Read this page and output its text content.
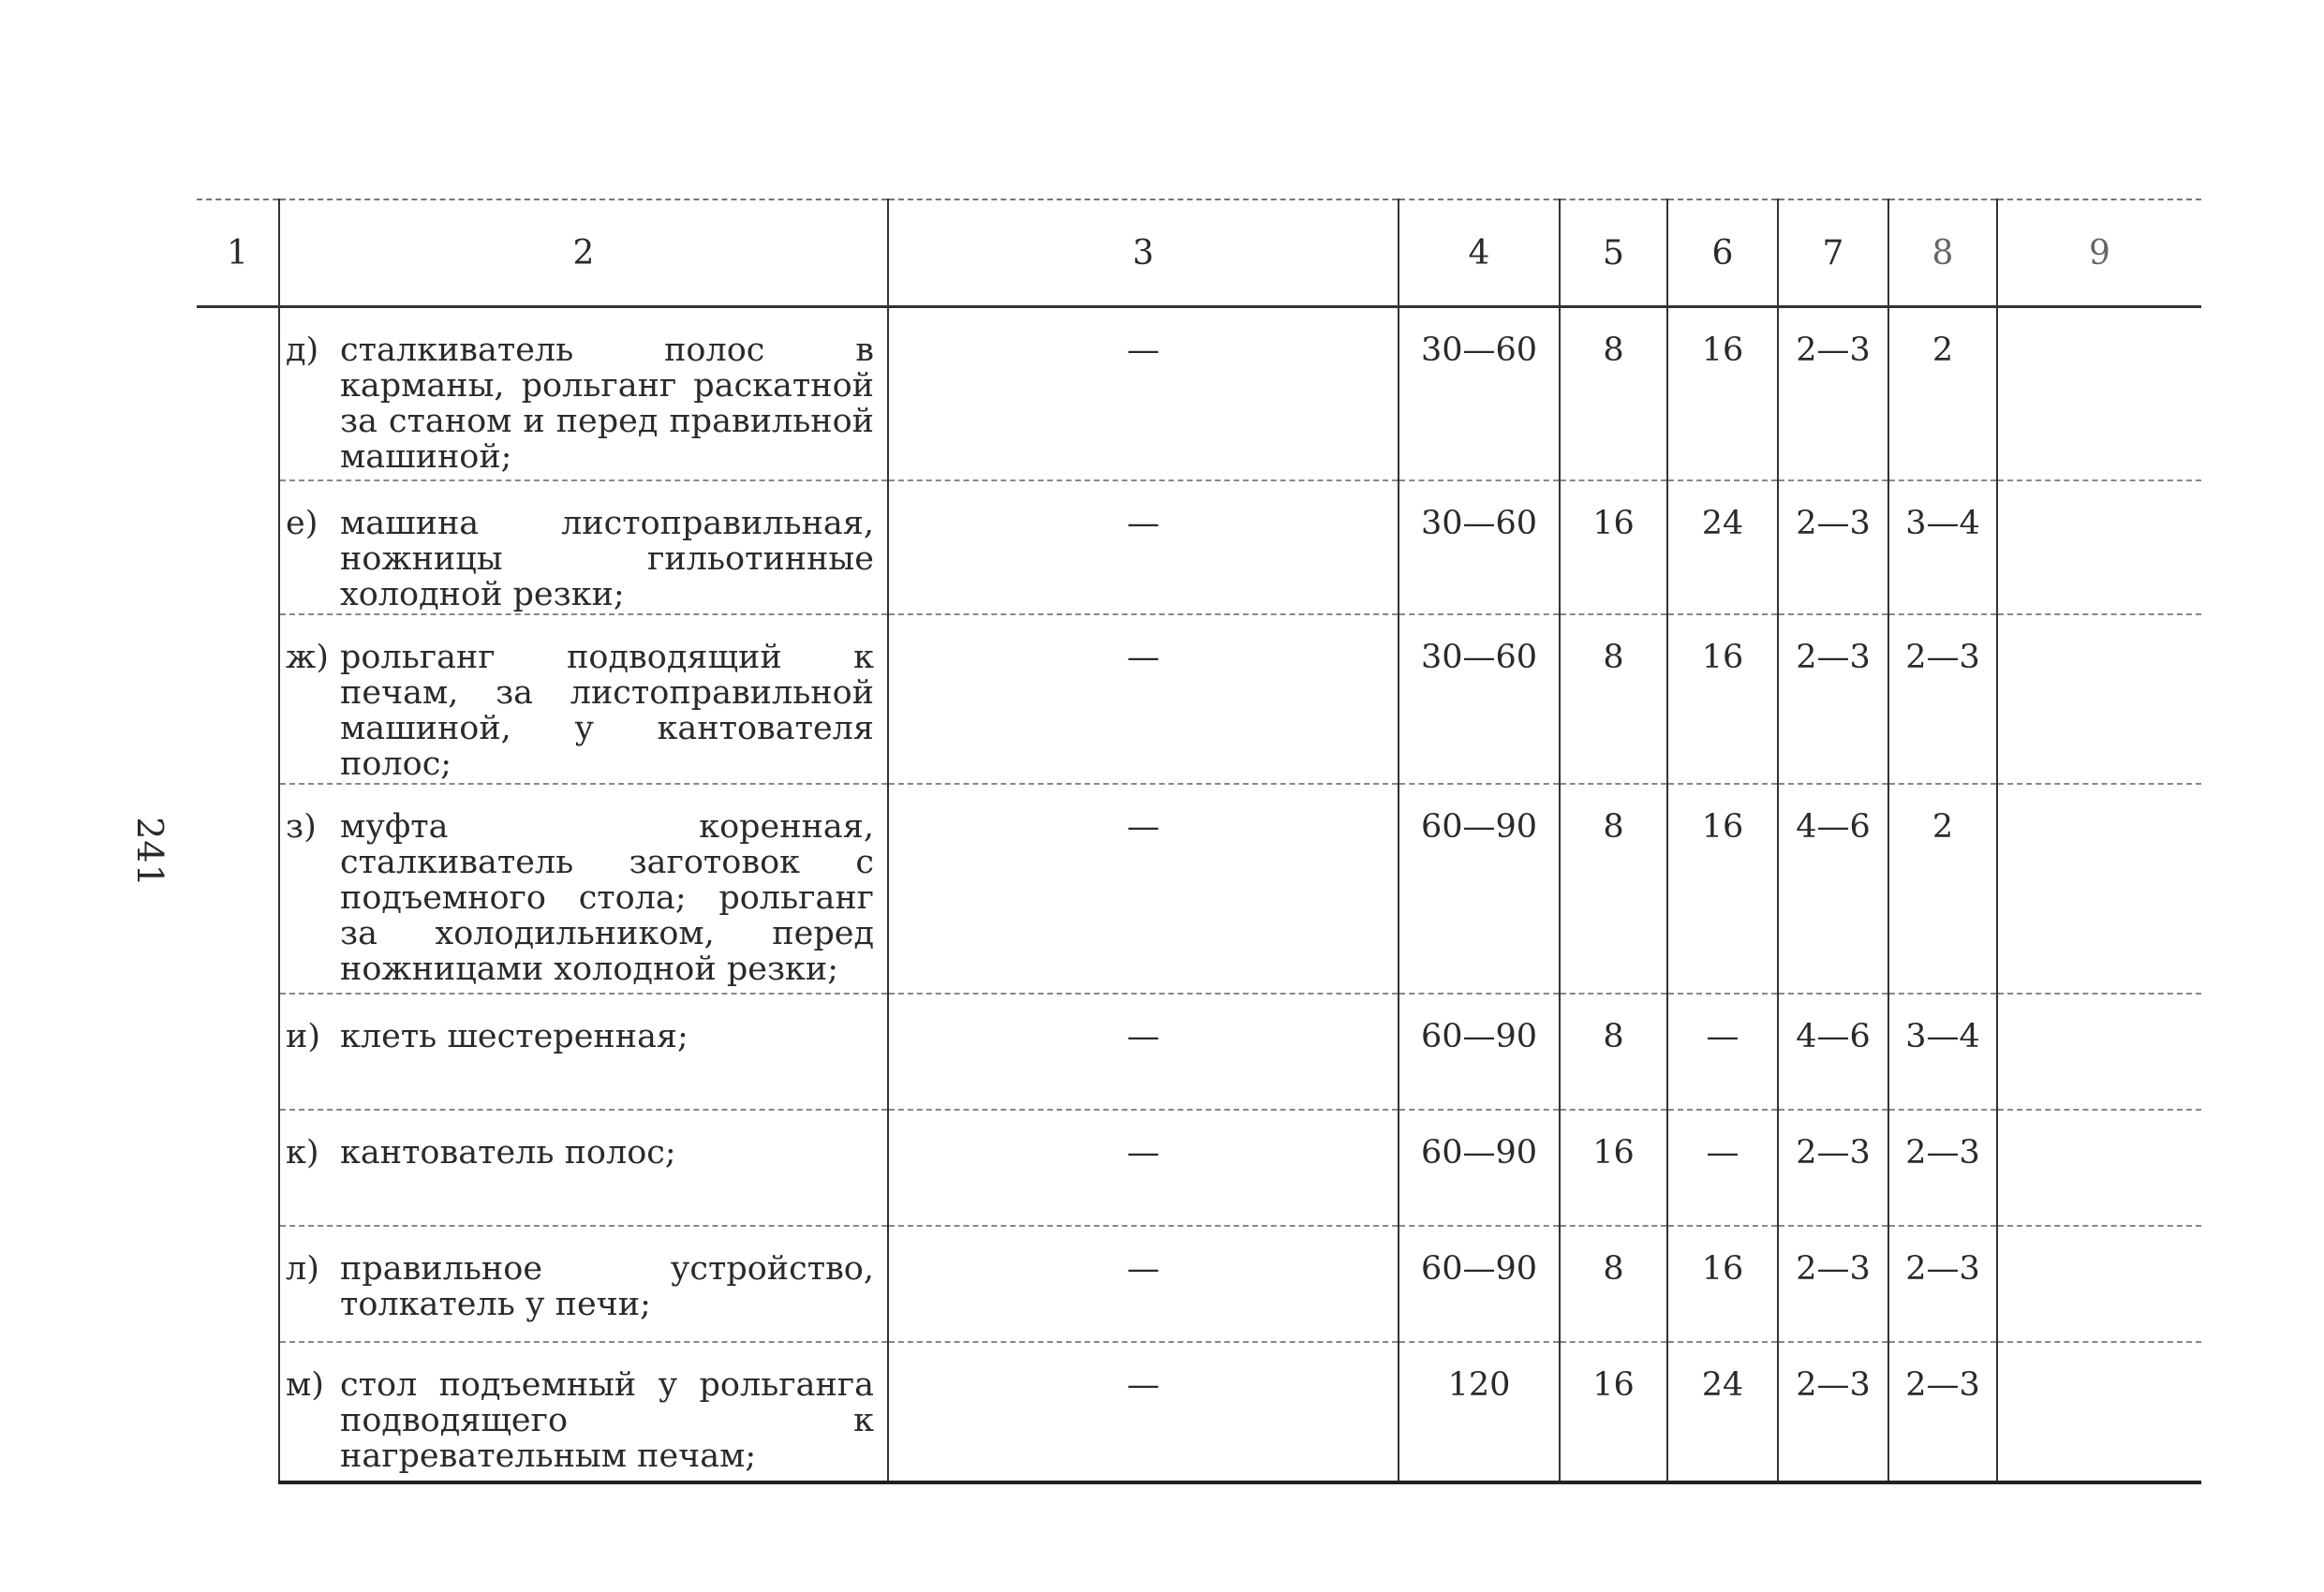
241
1	2	3	4	5	6	7	8	9

	д) сталкиватель полос в карманы, рольганг раскатной за станом и перед правильной машиной;	—	30—60	8	16	2—3	2	

	е) машина листоправильная, ножницы гильотинные холодной резки;	—	30—60	16	24	2—3	3—4	

	ж) рольганг подводящий к печам, за листоправильной машиной, у кантователя полос;	—	30—60	8	16	2—3	2—3	

	з) муфта коренная, сталкиватель заготовок с подъемного стола; рольганг за холодильником, перед ножницами холодной резки;	—	60—90	8	16	4—6	2	

	и) клеть шестеренная;	—	60—90	8	—	4—6	3—4	

	к) кантователь полос;	—	60—90	16	—	2—3	2—3	

	л) правильное устройство, толкатель у печи;	—	60—90	8	16	2—3	2—3	

	м) стол подъемный у рольганга подводящего к нагревательным печам;	—	120	16	24	2—3	2—3	
